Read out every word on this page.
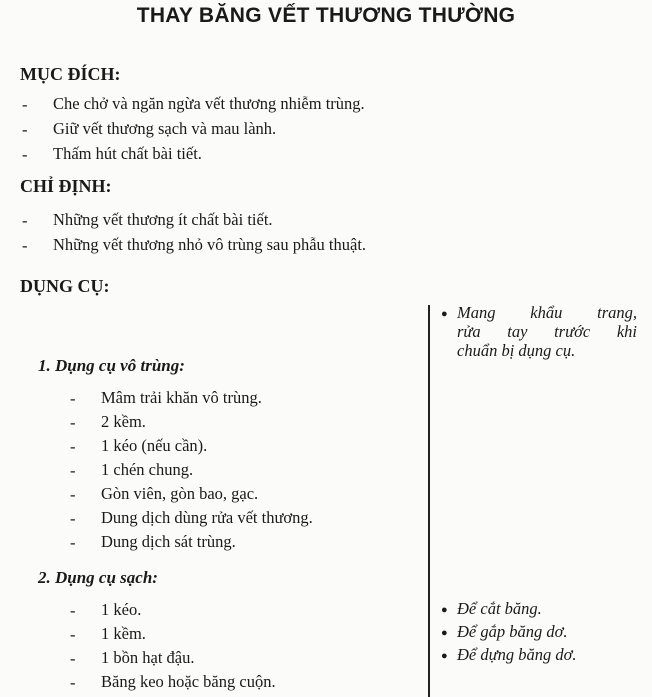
THAY BĂNG VẾT THƯƠNG THƯỜNG
MỤC ĐÍCH:
- Che chở và ngăn ngừa vết thương nhiễm trùng.
- Giữ vết thương sạch và mau lành.
- Thấm hút chất bài tiết.
CHỈ ĐỊNH:
- Những vết thương ít chất bài tiết.
- Những vết thương nhỏ vô trùng sau phẫu thuật.
DỤNG CỤ:
1. Dụng cụ vô trùng:
- Mâm trải khăn vô trùng.
- 2 kềm.
- 1 kéo (nếu cần).
- 1 chén chung.
- Gòn viên, gòn bao, gạc.
- Dung dịch dùng rửa vết thương.
- Dung dịch sát trùng.
2. Dụng cụ sạch:
- 1 kéo.
- 1 kềm.
- 1 bồn hạt đậu.
- Băng keo hoặc băng cuộn.
● Mang khẩu trang,
rửa tay trước khi
chuẩn bị dụng cụ.
● Để cắt băng.
● Để gắp băng dơ.
● Để dựng băng dơ.
